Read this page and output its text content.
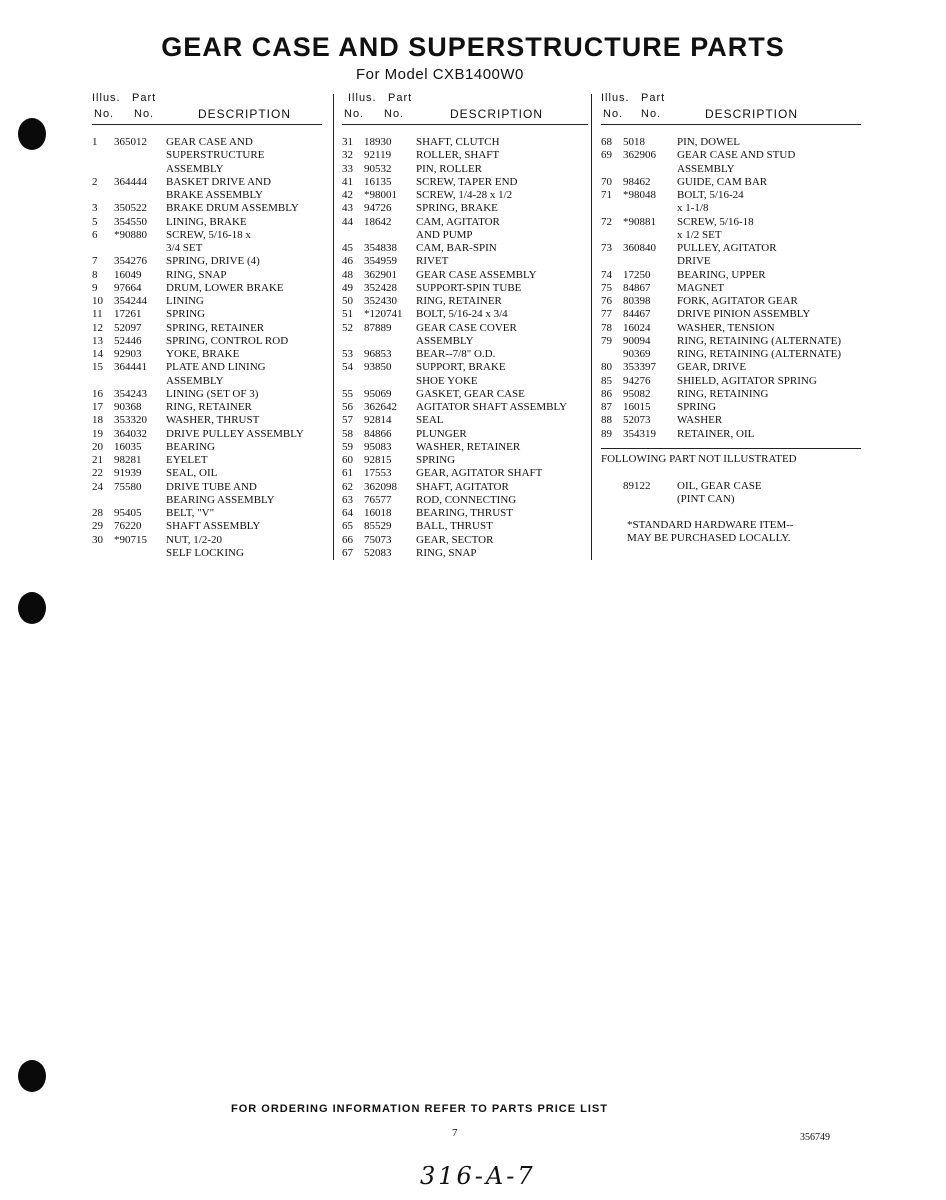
GEAR CASE AND SUPERSTRUCTURE PARTS

For Model CXB1400W0

Illus. Part
No. No.	DESCRIPTION
1	365012	GEAR CASE AND
SUPERSTRUCTURE
ASSEMBLY
2	364444	BASKET DRIVE AND
BRAKE ASSEMBLY
3	350522	BRAKE DRUM ASSEMBLY
5	354550	LINING, BRAKE
6	*90880	SCREW, 5/16-18 x
3/4 SET
7	354276	SPRING, DRIVE (4)
8	16049	RING, SNAP
9	97664	DRUM, LOWER BRAKE
10	354244	LINING
11	17261	SPRING
12	52097	SPRING, RETAINER
13	52446	SPRING, CONTROL ROD
14	92903	YOKE, BRAKE
15	364441	PLATE AND LINING
ASSEMBLY
16	354243	LINING (SET OF 3)
17	90368	RING, RETAINER
18	353320	WASHER, THRUST
19	364032	DRIVE PULLEY ASSEMBLY
20	16035	BEARING
21	98281	EYELET
22	91939	SEAL, OIL
24	75580	DRIVE TUBE AND
BEARING ASSEMBLY
28	95405	BELT, "V"
29	76220	SHAFT ASSEMBLY
30	*90715	NUT, 1/2-20
SELF LOCKING
Illus. Part
No. No.	DESCRIPTION
31	18930	SHAFT, CLUTCH
32	92119	ROLLER, SHAFT
33	90532	PIN, ROLLER
41	16135	SCREW, TAPER END
42	*98001	SCREW, 1/4-28 x 1/2
43	94726	SPRING, BRAKE
44	18642	CAM, AGITATOR
AND PUMP
45	354838	CAM, BAR-SPIN
46	354959	RIVET
48	362901	GEAR CASE ASSEMBLY
49	352428	SUPPORT-SPIN TUBE
50	352430	RING, RETAINER
51	*120741	BOLT, 5/16-24 x 3/4
52	87889	GEAR CASE COVER
ASSEMBLY
53	96853	BEAR--7/8" O.D.
54	93850	SUPPORT, BRAKE
SHOE YOKE
55	95069	GASKET, GEAR CASE
56	362642	AGITATOR SHAFT ASSEMBLY
57	92814	SEAL
58	84866	PLUNGER
59	95083	WASHER, RETAINER
60	92815	SPRING
61	17553	GEAR, AGITATOR SHAFT
62	362098	SHAFT, AGITATOR
63	76577	ROD, CONNECTING
64	16018	BEARING, THRUST
65	85529	BALL, THRUST
66	75073	GEAR, SECTOR
67	52083	RING, SNAP
Illus. Part
No. No.	DESCRIPTION
68	5018	PIN, DOWEL
69	362906	GEAR CASE AND STUD
ASSEMBLY
70	98462	GUIDE, CAM BAR
71	*98048	BOLT, 5/16-24
x 1-1/8
72	*90881	SCREW, 5/16-18
x 1/2 SET
73	360840	PULLEY, AGITATOR
DRIVE
74	17250	BEARING, UPPER
75	84867	MAGNET
76	80398	FORK, AGITATOR GEAR
77	84467	DRIVE PINION ASSEMBLY
78	16024	WASHER, TENSION
79	90094	RING, RETAINING (ALTERNATE)
90369	RING, RETAINING (ALTERNATE)
80	353397	GEAR, DRIVE
85	94276	SHIELD, AGITATOR SPRING
86	95082	RING, RETAINING
87	16015	SPRING
88	52073	WASHER
89	354319	RETAINER, OIL
FOLLOWING PART NOT ILLUSTRATED
89122	OIL, GEAR CASE
(PINT CAN)
*STANDARD HARDWARE ITEM--
MAY BE PURCHASED LOCALLY.

FOR ORDERING INFORMATION REFER TO PARTS PRICE LIST

7	356749
316-A-7
